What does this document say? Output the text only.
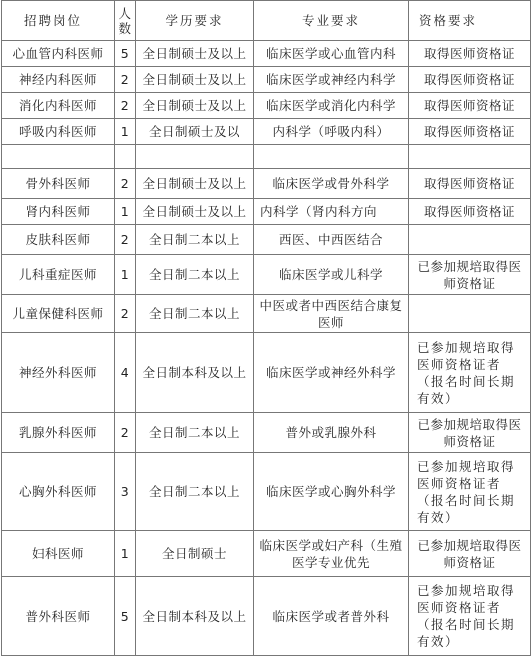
招聘岗位	人数	学历要求	专业要求	资格要求
心血管内科医师	5	全日制硕士及以上	临床医学或心血管内科	取得医师资格证
神经内科医师	2	全日制硕士及以上	临床医学或神经内科学	取得医师资格证
消化内科医师	2	全日制硕士及以上	临床医学或消化内科学	取得医师资格证
呼吸内科医师	1	全日制硕士及以	内科学（呼吸内科）	取得医师资格证

骨外科医师	2	全日制硕士及以上	临床医学或骨外科学	取得医师资格证
肾内科医师	1	全日制硕士及以上	内科学（肾内科方向	取得医师资格证
皮肤科医师	2	全日制二本以上	西医、中西医结合	
儿科重症医师	1	全日制二本以上	临床医学或儿科学	已参加规培取得医师资格证
儿童保健科医师	2	全日制二本以上	中医或者中西医结合康复医师	
神经外科医师	4	全日制本科及以上	临床医学或神经外科学	已参加规培取得医师资格证者（报名时间长期有效）
乳腺外科医师	2	全日制二本以上	普外或乳腺外科	已参加规培取得医师资格证
心胸外科医师	3	全日制二本以上	临床医学或心胸外科学	已参加规培取得医师资格证者（报名时间长期有效）
妇科医师	1	全日制硕士	临床医学或妇产科（生殖医学专业优先	已参加规培取得医师资格证
普外科医师	5	全日制本科及以上	临床医学或者普外科	已参加规培取得医师资格证者（报名时间长期有效）
